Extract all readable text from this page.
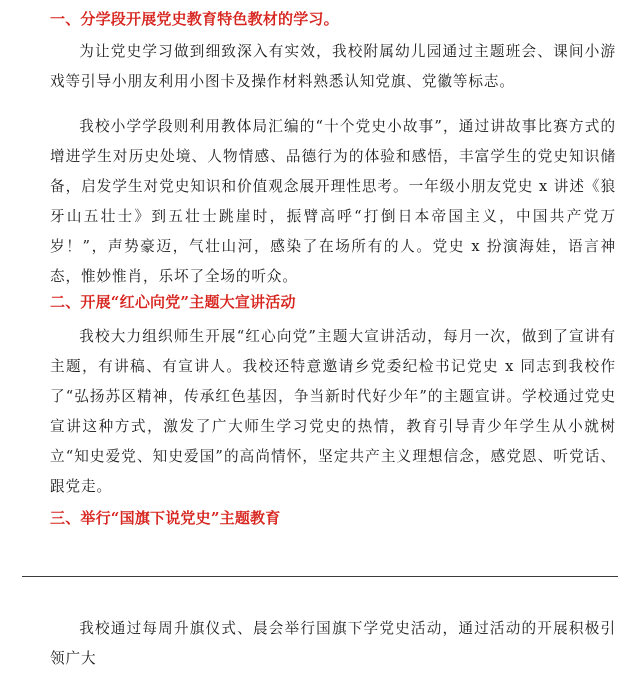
一、分学段开展党史教育特色教材的学习。

为让党史学习做到细致深入有实效，我校附属幼儿园通过主题班会、课间小游戏等引导小朋友利用小图卡及操作材料熟悉认知党旗、党徽等标志。

我校小学学段则利用教体局汇编的“十个党史小故事”，通过讲故事比赛方式的增进学生对历史处境、人物情感、品德行为的体验和感悟，丰富学生的党史知识储备，启发学生对党史知识和价值观念展开理性思考。一年级小朋友党史 x 讲述《狼牙山五壮士》到五壮士跳崖时，振臂高呼“打倒日本帝国主义，中国共产党万岁！”，声势豪迈，气壮山河，感染了在场所有的人。党史 x 扮演海娃，语言神态，惟妙惟肖，乐坏了全场的听众。

二、开展“红心向党”主题大宣讲活动

我校大力组织师生开展“红心向党”主题大宣讲活动，每月一次，做到了宣讲有主题，有讲稿、有宣讲人。我校还特意邀请乡党委纪检书记党史 x 同志到我校作了“弘扬苏区精神，传承红色基因，争当新时代好少年”的主题宣讲。学校通过党史宣讲这种方式，激发了广大师生学习党史的热情，教育引导青少年学生从小就树立“知史爱党、知史爱国”的高尚情怀，坚定共产主义理想信念，感党恩、听党话、跟党走。

三、举行“国旗下说党史”主题教育

我校通过每周升旗仪式、晨会举行国旗下学党史活动，通过活动的开展积极引领广大
